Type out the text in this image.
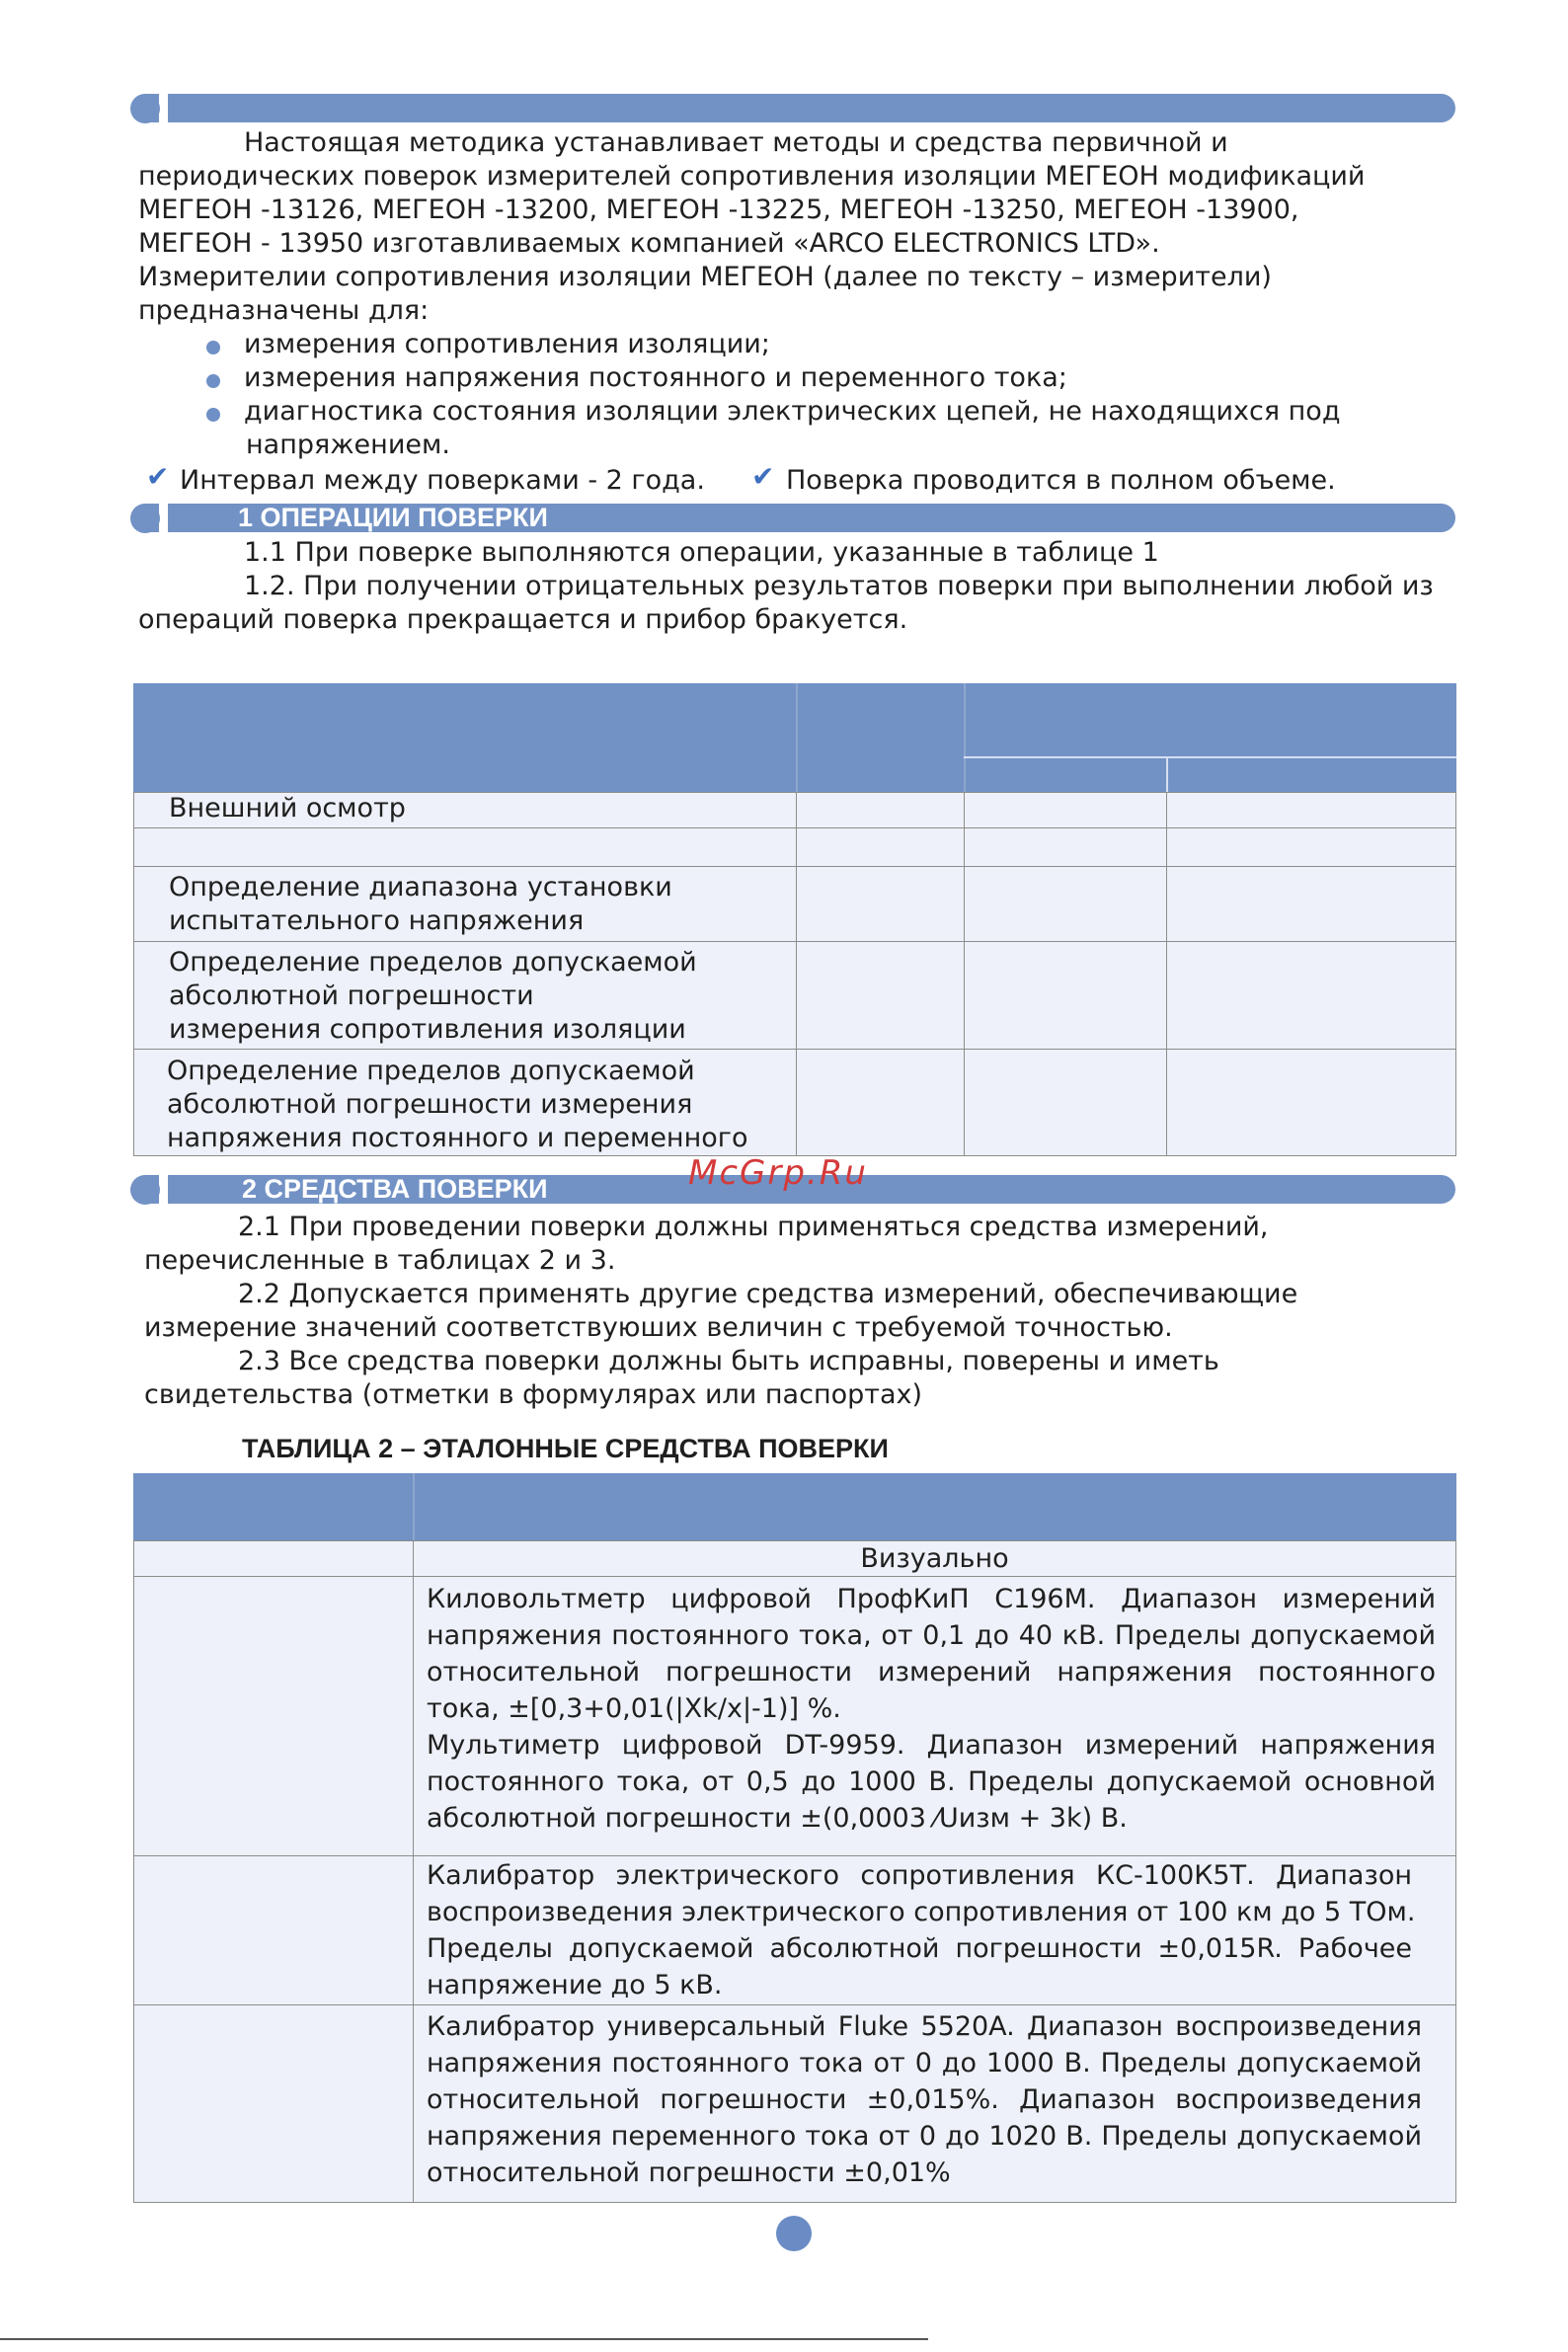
Настоящая методика устанавливает методы и средства первичной и
периодических поверок измерителей сопротивления изоляции МЕГЕОН модификаций
МЕГЕОН -13126, МЕГЕОН -13200, МЕГЕОН -13225, МЕГЕОН -13250, МЕГЕОН -13900,
МЕГЕОН - 13950 изготавливаемых компанией «ARCO ELECTRONICS LTD».
Измерителии сопротивления изоляции МЕГЕОН (далее по тексту – измерители)
предназначены для:
измерения сопротивления изоляции;
измерения напряжения постоянного и переменного тока;
диагностика состояния изоляции электрических цепей, не находящихся под
напряжением.
✔ Интервал между поверками - 2 года. ✔ Поверка проводится в полном объеме.
1 ОПЕРАЦИИ ПОВЕРКИ
1.1 При поверке выполняются операции, указанные в таблице 1
1.2. При получении отрицательных результатов поверки при выполнении любой из
операций поверка прекращается и прибор бракуется.
Внешний осмотр
Определение диапазона установки
испытательного напряжения
Определение пределов допускаемой
абсолютной погрешности
измерения сопротивления изоляции
Определение пределов допускаемой
абсолютной погрешности измерения
напряжения постоянного и переменного
2 СРЕДСТВА ПОВЕРКИ	McGrp.Ru
2.1 При проведении поверки должны применяться средства измерений,
перечисленные в таблицах 2 и 3.
2.2 Допускается применять другие средства измерений, обеспечивающие
измерение значений соответствуюших величин с требуемой точностью.
2.3 Все средства поверки должны быть исправны, поверены и иметь
свидетельства (отметки в формулярах или паспортах)
ТАБЛИЦА 2 – ЭТАЛОННЫЕ СРЕДСТВА ПОВЕРКИ
Визуально
Киловольтметр цифровой ПрофКиП С196М. Диапазон измерений
напряжения постоянного тока, от 0,1 до 40 кВ. Пределы допускаемой
относительной погрешности измерений напряжения постоянного
тока, ±[0,3+0,01(|Xk/x|-1)] %.
Мультиметр цифровой DT-9959. Диапазон измерений напряжения
постоянного тока, от 0,5 до 1000 В. Пределы допускаемой основной
абсолютной погрешности ±(0,0003 ⁄Uизм + 3k) В.
Калибратор электрического сопротивления КС-100К5Т. Диапазон
воспроизведения электрического сопротивления от 100 км до 5 ТОм.
Пределы допускаемой абсолютной погрешности ±0,015R. Рабочее
напряжение до 5 кВ.
Калибратор универсальный Fluke 5520A. Диапазон воспроизведения
напряжения постоянного тока от 0 до 1000 В. Пределы допускаемой
относительной погрешности ±0,015%. Диапазон воспроизведения
напряжения переменного тока от 0 до 1020 В. Пределы допускаемой
относительной погрешности ±0,01%
